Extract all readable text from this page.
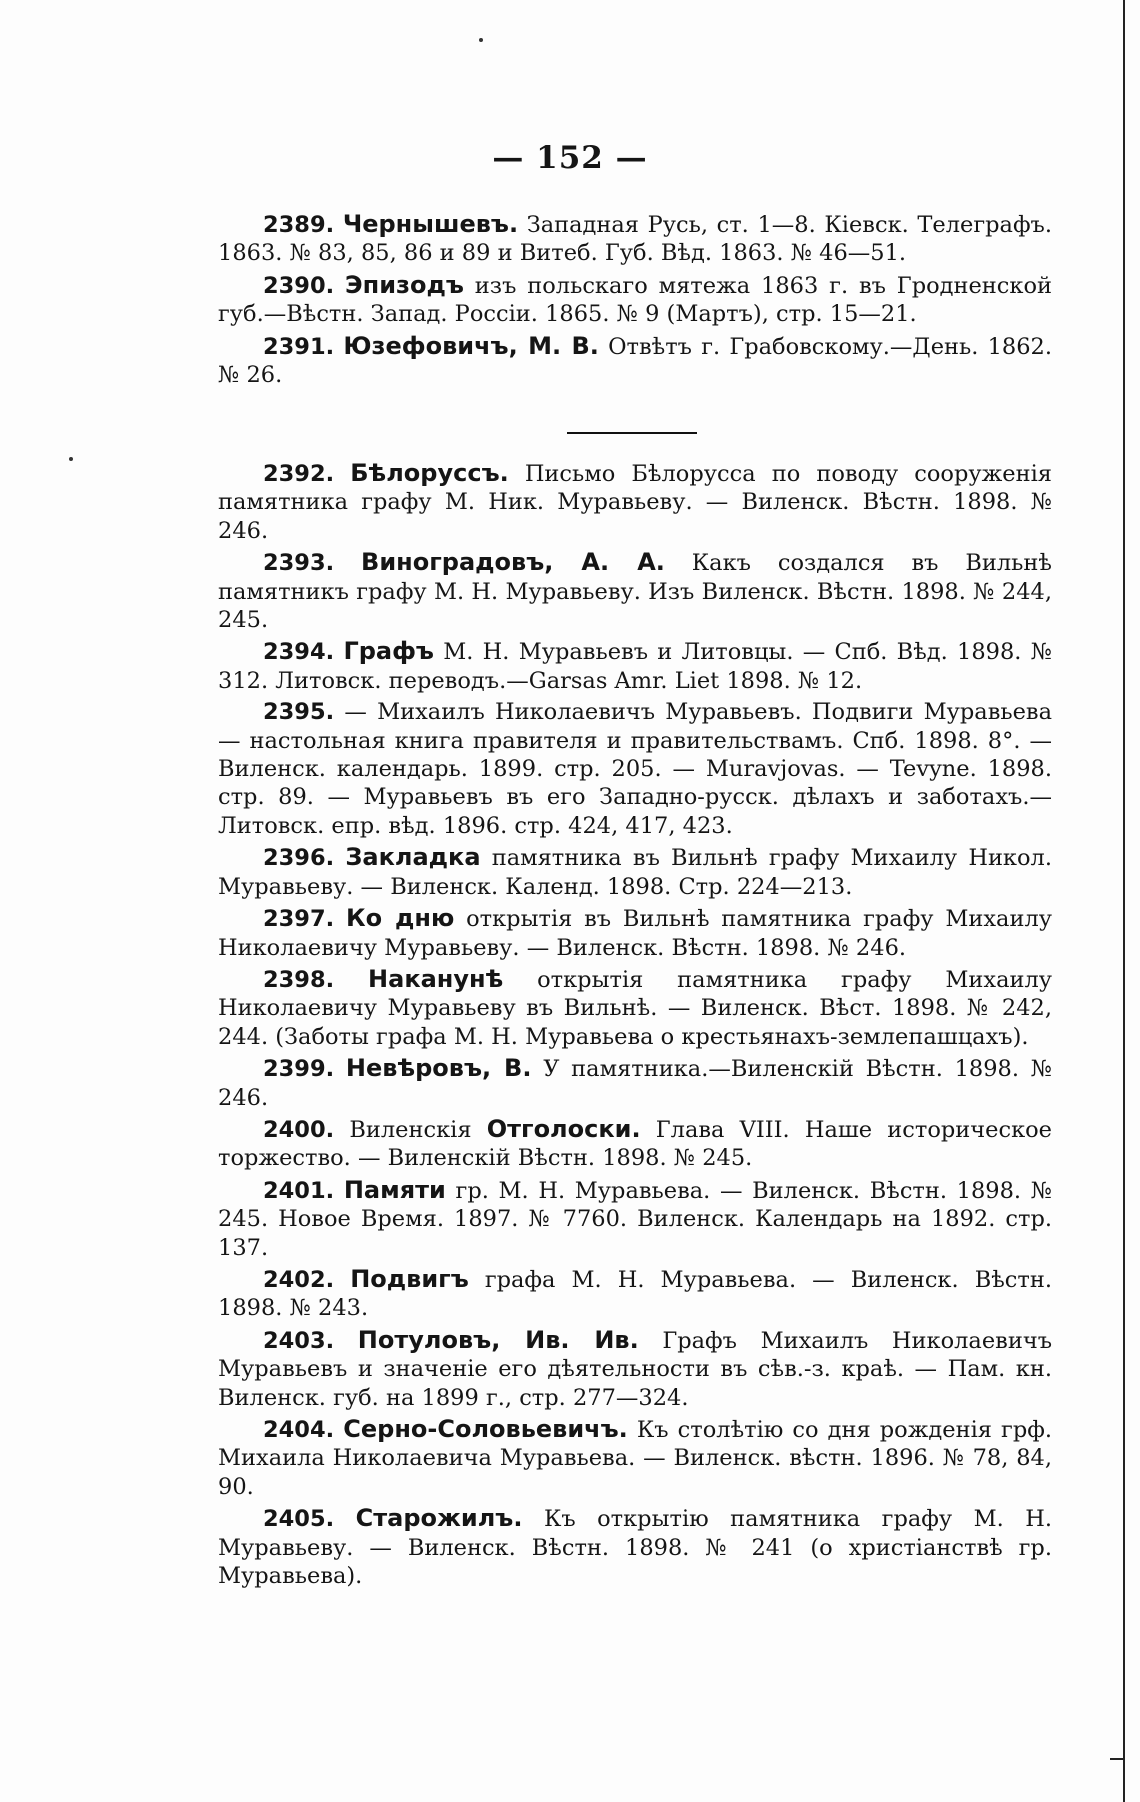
— 152 —

2389. Чернышевъ. Западная Русь, ст. 1—8. Кіевск. Телеграфъ. 1863. № 83, 85, 86 и 89 и Витеб. Губ. Вѣд. 1863. № 46—51.

2390. Эпизодъ изъ польскаго мятежа 1863 г. въ Гродненской губ.—Вѣстн. Запад. Россiи. 1865. № 9 (Мартъ), стр. 15—21.

2391. Юзефовичъ, М. В. Отвѣтъ г. Грабовскому.—День. 1862. № 26.

2392. Бѣлоруссъ. Письмо Бѣлорусса по поводу сооруженія памятника графу М. Ник. Муравьеву. — Виленск. Вѣстн. 1898. № 246.

2393. Виноградовъ, А. А. Какъ создался въ Вильнѣ памятникъ графу М. Н. Муравьеву. Изъ Виленск. Вѣстн. 1898. № 244, 245.

2394. Графъ М. Н. Муравьевъ и Литовцы. — Спб. Вѣд. 1898. № 312. Литовск. переводъ.—Garsas Amr. Liet 1898. № 12.

2395. — Михаилъ Николаевичъ Муравьевъ. Подвиги Муравьева — настольная книга правителя и правительствамъ. Спб. 1898. 8°. — Виленск. календарь. 1899. стр. 205. — Muravjovas. — Tevyne. 1898. стр. 89. — Муравьевъ въ его Западно-русск. дѣлахъ и заботахъ.—Литовск. епр. вѣд. 1896. стр. 424, 417, 423.

2396. Закладка памятника въ Вильнѣ графу Михаилу Никол. Муравьеву. — Виленск. Календ. 1898. Стр. 224—213.

2397. Ко дню открытія въ Вильнѣ памятника графу Михаилу Николаевичу Муравьеву. — Виленск. Вѣстн. 1898. № 246.

2398. Наканунѣ открытія памятника графу Михаилу Николаевичу Муравьеву въ Вильнѣ. — Виленск. Вѣст. 1898. № 242, 244. (Заботы графа М. Н. Муравьева о крестьянахъ-землепашцахъ).

2399. Невѣровъ, В. У памятника.—Виленскій Вѣстн. 1898. № 246.

2400. Виленскія Отголоски. Глава VIII. Наше историческое торжество. — Виленскій Вѣстн. 1898. № 245.

2401. Памяти гр. М. Н. Муравьева. — Виленск. Вѣстн. 1898. № 245. Новое Время. 1897. № 7760. Виленск. Календарь на 1892. стр. 137.

2402. Подвигъ графа М. Н. Муравьева. — Виленск. Вѣстн. 1898. № 243.

2403. Потуловъ, Ив. Ив. Графъ Михаилъ Николаевичъ Муравьевъ и значеніе его дѣятельности въ сѣв.-з. краѣ. — Пам. кн. Виленск. губ. на 1899 г., стр. 277—324.

2404. Серно-Соловьевичъ. Къ столѣтію со дня рожденія грф. Михаила Николаевича Муравьева. — Виленск. вѣстн. 1896. № 78, 84, 90.

2405. Старожилъ. Къ открытію памятника графу М. Н. Муравьеву. — Виленск. Вѣстн. 1898. № 241 (о христіанствѣ гр. Муравьева).
